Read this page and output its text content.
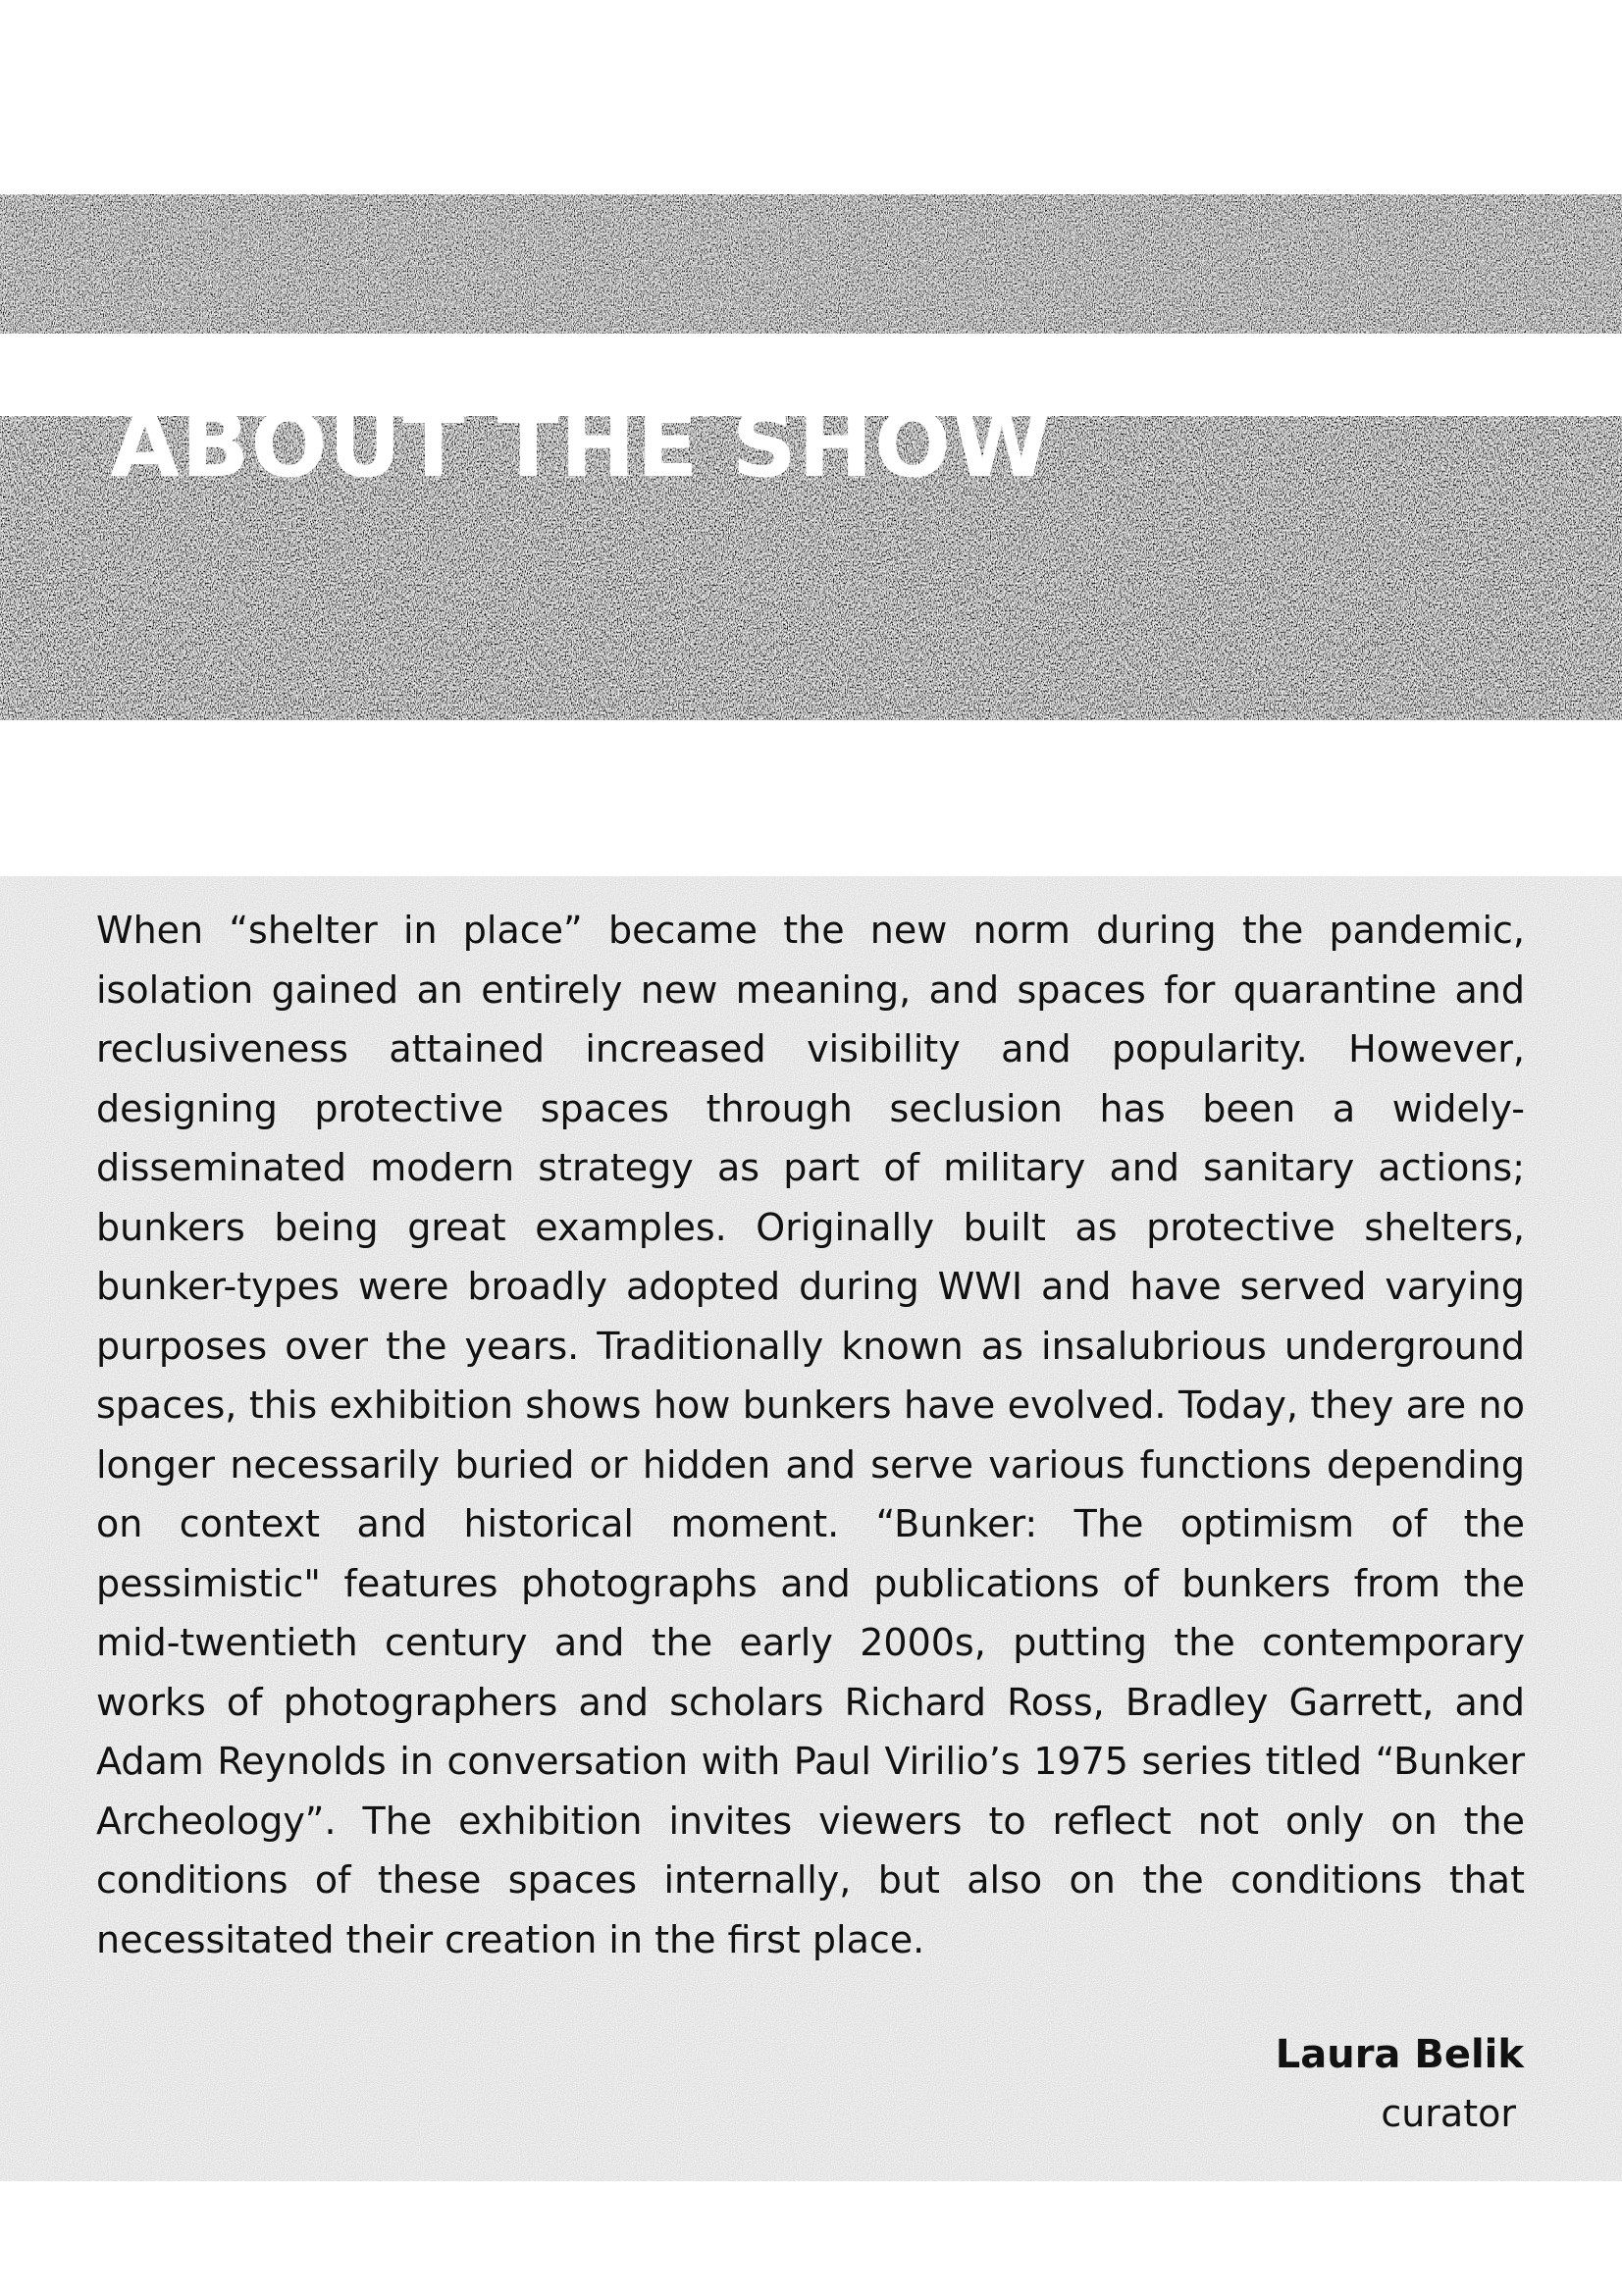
ABOUT THE SHOW

When “shelter in place” became the new norm during the pandemic, isolation gained an entirely new meaning, and spaces for quarantine and reclusiveness attained increased visibility and popularity. However, designing protective spaces through seclusion has been a widely-disseminated modern strategy as part of military and sanitary actions; bunkers being great examples. Originally built as protective shelters, bunker-types were broadly adopted during WWI and have served varying purposes over the years. Traditionally known as insalubrious underground spaces, this exhibition shows how bunkers have evolved. Today, they are no longer necessarily buried or hidden and serve various functions depending on context and historical moment. “Bunker: The optimism of the pessimistic" features photographs and publications of bunkers from the mid-twentieth century and the early 2000s, putting the contemporary works of photographers and scholars Richard Ross, Bradley Garrett, and Adam Reynolds in conversation with Paul Virilio’s 1975 series titled “Bunker Archeology”. The exhibition invites viewers to reflect not only on the conditions of these spaces internally, but also on the conditions that necessitated their creation in the first place.

Laura Belik
curator
